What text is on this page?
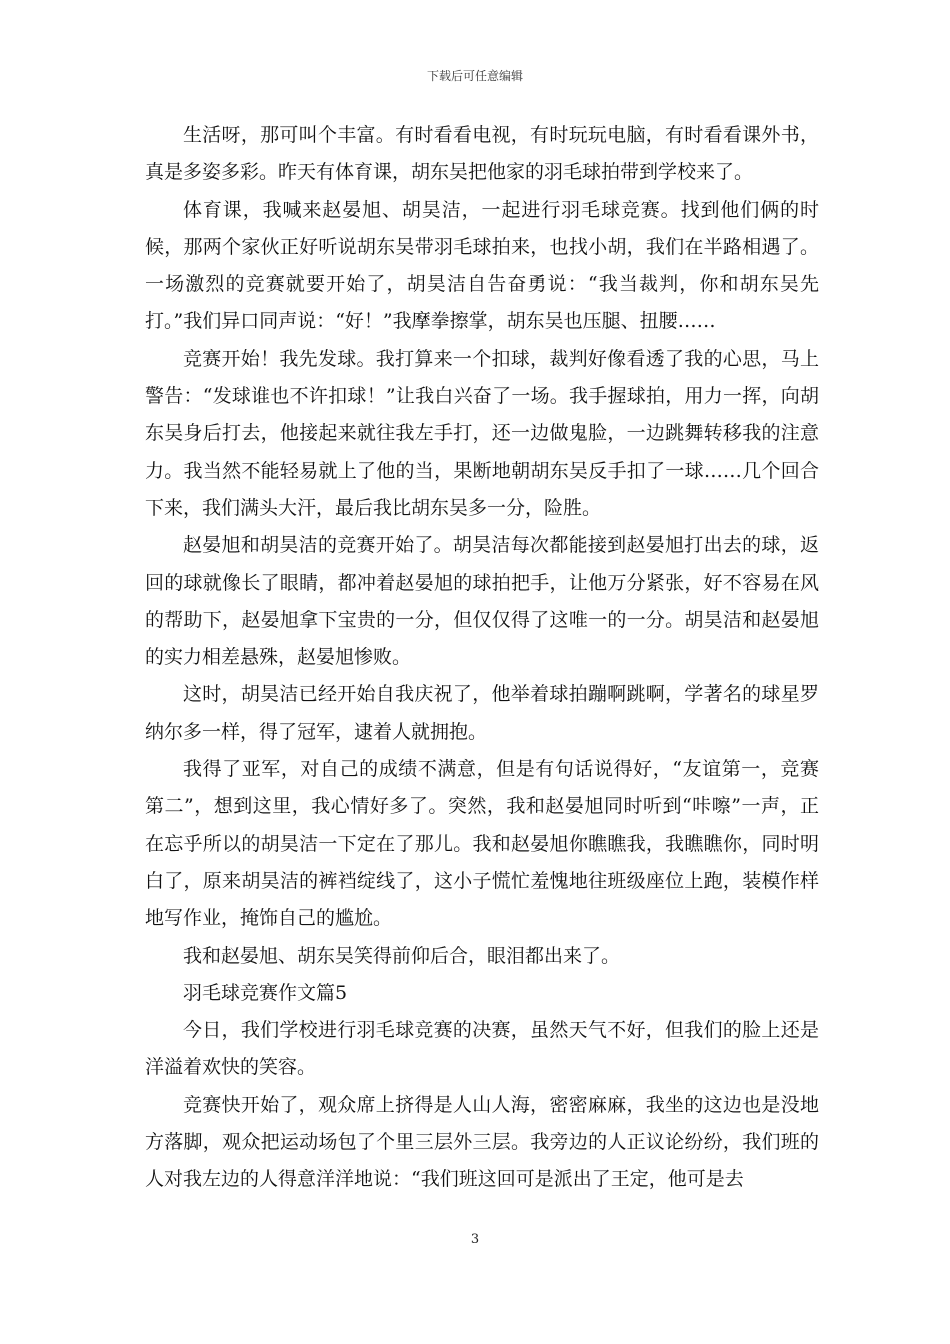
下载后可任意编辑

生活呀，那可叫个丰富。有时看看电视，有时玩玩电脑，有时看看课外书，真是多姿多彩。昨天有体育课，胡东吴把他家的羽毛球拍带到学校来了。

体育课，我喊来赵晏旭、胡昊洁，一起进行羽毛球竞赛。找到他们俩的时候，那两个家伙正好听说胡东吴带羽毛球拍来，也找小胡，我们在半路相遇了。一场激烈的竞赛就要开始了，胡昊洁自告奋勇说：“我当裁判，你和胡东吴先打。”我们异口同声说：“好！”我摩拳擦掌，胡东吴也压腿、扭腰……

竞赛开始！我先发球。我打算来一个扣球，裁判好像看透了我的心思，马上警告：“发球谁也不许扣球！”让我白兴奋了一场。我手握球拍，用力一挥，向胡东吴身后打去，他接起来就往我左手打，还一边做鬼脸，一边跳舞转移我的注意力。我当然不能轻易就上了他的当，果断地朝胡东吴反手扣了一球……几个回合下来，我们满头大汗，最后我比胡东吴多一分，险胜。

赵晏旭和胡昊洁的竞赛开始了。胡昊洁每次都能接到赵晏旭打出去的球，返回的球就像长了眼睛，都冲着赵晏旭的球拍把手，让他万分紧张，好不容易在风的帮助下，赵晏旭拿下宝贵的一分，但仅仅得了这唯一的一分。胡昊洁和赵晏旭的实力相差悬殊，赵晏旭惨败。

这时，胡昊洁已经开始自我庆祝了，他举着球拍蹦啊跳啊，学著名的球星罗纳尔多一样，得了冠军，逮着人就拥抱。

我得了亚军，对自己的成绩不满意，但是有句话说得好，“友谊第一，竞赛第二”，想到这里，我心情好多了。突然，我和赵晏旭同时听到“咔嚓”一声，正在忘乎所以的胡昊洁一下定在了那儿。我和赵晏旭你瞧瞧我，我瞧瞧你，同时明白了，原来胡昊洁的裤裆绽线了，这小子慌忙羞愧地往班级座位上跑，装模作样地写作业，掩饰自己的尴尬。

我和赵晏旭、胡东吴笑得前仰后合，眼泪都出来了。

羽毛球竞赛作文篇5

今日，我们学校进行羽毛球竞赛的决赛，虽然天气不好，但我们的脸上还是洋溢着欢快的笑容。

竞赛快开始了，观众席上挤得是人山人海，密密麻麻，我坐的这边也是没地方落脚，观众把运动场包了个里三层外三层。我旁边的人正议论纷纷，我们班的人对我左边的人得意洋洋地说：“我们班这回可是派出了王定，他可是去

3
